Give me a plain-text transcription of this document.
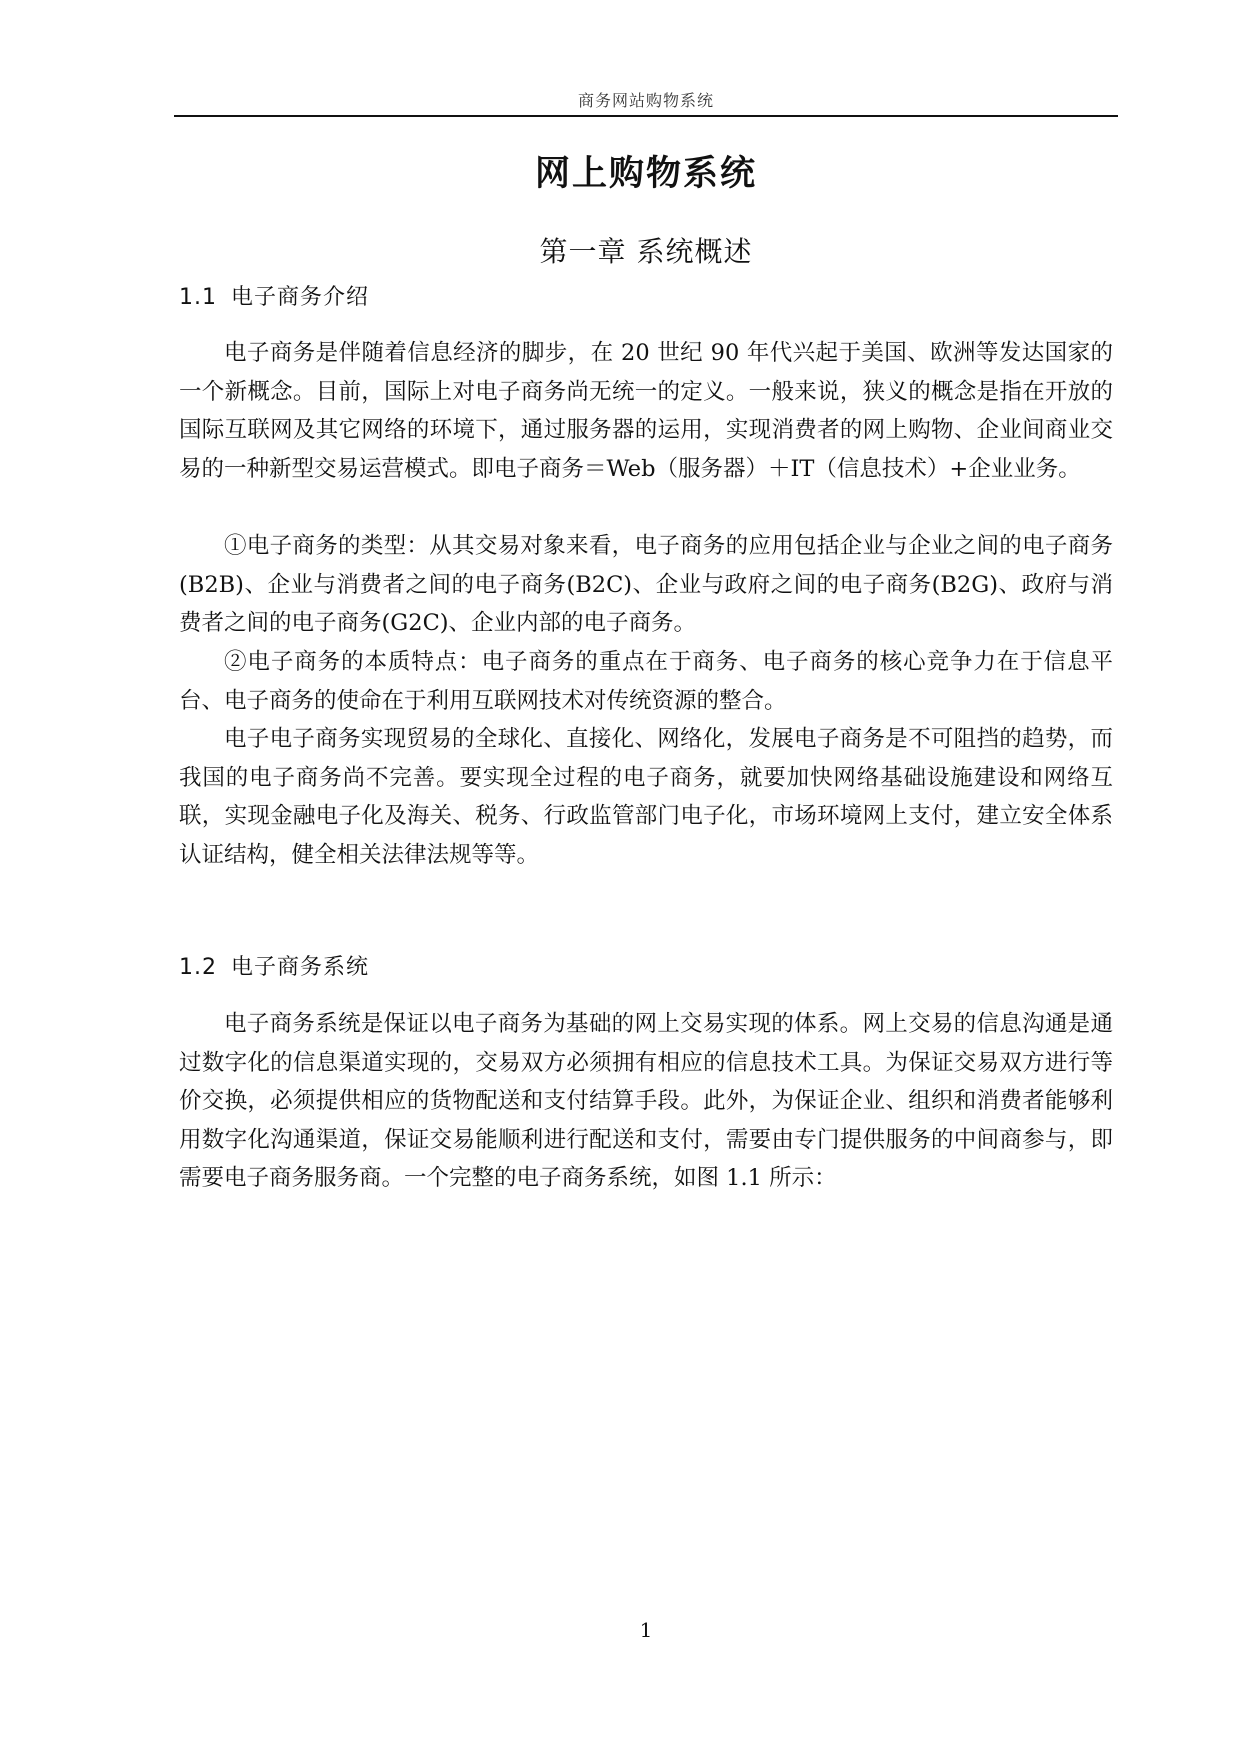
商务网站购物系统
网上购物系统
第一章 系统概述
1.1 电子商务介绍

电子商务是伴随着信息经济的脚步，在 20 世纪 90 年代兴起于美国、欧洲等发达国家的一个新概念。目前，国际上对电子商务尚无统一的定义。一般来说，狭义的概念是指在开放的国际互联网及其它网络的环境下，通过服务器的运用，实现消费者的网上购物、企业间商业交易的一种新型交易运营模式。即电子商务＝Web（服务器）＋IT（信息技术）+企业业务。

①电子商务的类型：从其交易对象来看，电子商务的应用包括企业与企业之间的电子商务 (B2B)、企业与消费者之间的电子商务(B2C)、企业与政府之间的电子商务(B2G)、政府与消费者之间的电子商务(G2C)、企业内部的电子商务。

②电子商务的本质特点：电子商务的重点在于商务、电子商务的核心竞争力在于信息平台、电子商务的使命在于利用互联网技术对传统资源的整合。

电子电子商务实现贸易的全球化、直接化、网络化，发展电子商务是不可阻挡的趋势，而我国的电子商务尚不完善。要实现全过程的电子商务，就要加快网络基础设施建设和网络互联，实现金融电子化及海关、税务、行政监管部门电子化，市场环境网上支付，建立安全体系认证结构，健全相关法律法规等等。

1.2 电子商务系统

电子商务系统是保证以电子商务为基础的网上交易实现的体系。网上交易的信息沟通是通过数字化的信息渠道实现的，交易双方必须拥有相应的信息技术工具。为保证交易双方进行等价交换，必须提供相应的货物配送和支付结算手段。此外，为保证企业、组织和消费者能够利用数字化沟通渠道，保证交易能顺利进行配送和支付，需要由专门提供服务的中间商参与，即需要电子商务服务商。一个完整的电子商务系统，如图 1.1 所示：

1
